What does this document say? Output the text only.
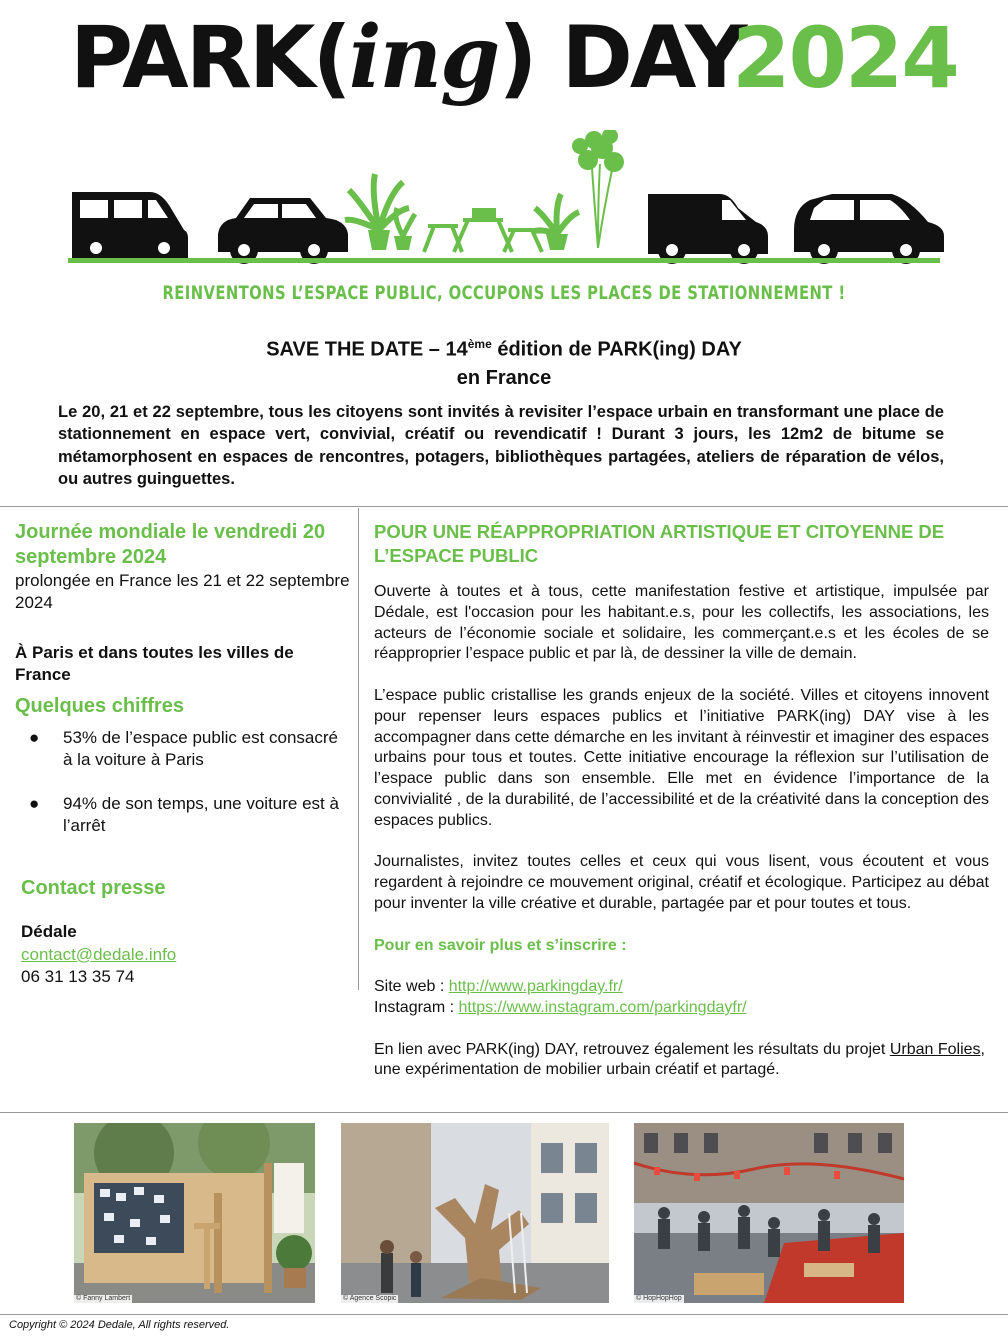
PARK(ing) DAY
2024
REINVENTONS L’ESPACE PUBLIC, OCCUPONS LES PLACES DE STATIONNEMENT !
SAVE THE DATE – 14ème édition de PARK(ing) DAY
en France
Le 20, 21 et 22 septembre, tous les citoyens sont invités à revisiter l’espace urbain en transformant une place de stationnement en espace vert, convivial, créatif ou revendicatif ! Durant 3 jours, les 12m2 de bitume se métamorphosent en espaces de rencontres, potagers, bibliothèques partagées, ateliers de réparation de vélos, ou autres guinguettes.
Journée mondiale le vendredi 20 septembre 2024

prolongée en France les 21 et 22 septembre 2024

À Paris et dans toutes les villes de France

Quelques chiffres
● 53% de l’espace public est consacré à la voiture à Paris
● 94% de son temps, une voiture est à l’arrêt
Contact presse
Dédale
contact@dedale.info
06 31 13 35 74
POUR UNE RÉAPPROPRIATION ARTISTIQUE ET CITOYENNE DE L’ESPACE PUBLIC

Ouverte à toutes et à tous, cette manifestation festive et artistique, impulsée par Dédale, est l'occasion pour les habitant.e.s, pour les collectifs, les associations, les acteurs de l’économie sociale et solidaire, les commerçant.e.s et les écoles de se réapproprier l’espace public et par là, de dessiner la ville de demain.

L’espace public cristallise les grands enjeux de la société. Villes et citoyens innovent pour repenser leurs espaces publics et l’initiative PARK(ing) DAY vise à les accompagner dans cette démarche en les invitant à réinvestir et imaginer des espaces urbains pour tous et toutes. Cette initiative encourage la réflexion sur l’utilisation de l’espace public dans son ensemble. Elle met en évidence l’importance de la convivialité , de la durabilité, de l’accessibilité et de la créativité dans la conception des espaces publics.

Journalistes, invitez toutes celles et ceux qui vous lisent, vous écoutent et vous regardent à rejoindre ce mouvement original, créatif et écologique. Participez au débat pour inventer la ville créative et durable, partagée par et pour toutes et tous.

Pour en savoir plus et s’inscrire :

Site web : http://www.parkingday.fr/
Instagram : https://www.instagram.com/parkingdayfr/

En lien avec PARK(ing) DAY, retrouvez également les résultats du projet Urban Folies, une expérimentation de mobilier urbain créatif et partagé.

© Fanny Lambert	© Agence Scopic	© HopHopHop
Copyright © 2024 Dedale, All rights reserved.
